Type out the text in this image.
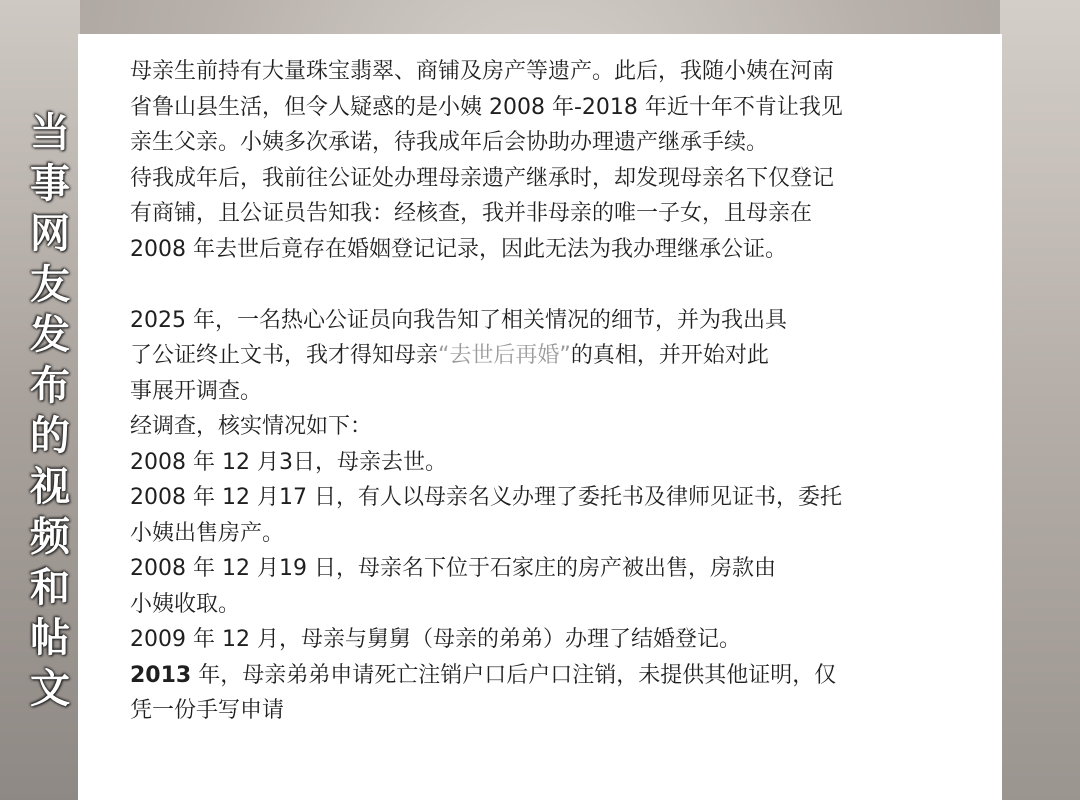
当
事
网
友
发
布
的
视
频
和
帖
文

母亲生前持有大量珠宝翡翠、商铺及房产等遗产。此后，我随小姨在河南

省鲁山县生活，但令人疑惑的是小姨 2008 年-2018 年近十年不肯让我见

亲生父亲。小姨多次承诺，待我成年后会协助办理遗产继承手续。

待我成年后，我前往公证处办理母亲遗产继承时，却发现母亲名下仅登记

有商铺，且公证员告知我：经核查，我并非母亲的唯一子女，且母亲在

2008 年去世后竟存在婚姻登记记录，因此无法为我办理继承公证。

2025 年，一名热心公证员向我告知了相关情况的细节，并为我出具

了公证终止文书，我才得知母亲“去世后再婚”的真相，并开始对此

事展开调查。

经调查，核实情况如下：

2008 年 12 月3日，母亲去世。

2008 年 12 月17 日，有人以母亲名义办理了委托书及律师见证书，委托

小姨出售房产。

2008 年 12 月19 日，母亲名下位于石家庄的房产被出售，房款由

小姨收取。

2009 年 12 月，母亲与舅舅（母亲的弟弟）办理了结婚登记。

2013 年，母亲弟弟申请死亡注销户口后户口注销，未提供其他证明，仅

凭一份手写申请
